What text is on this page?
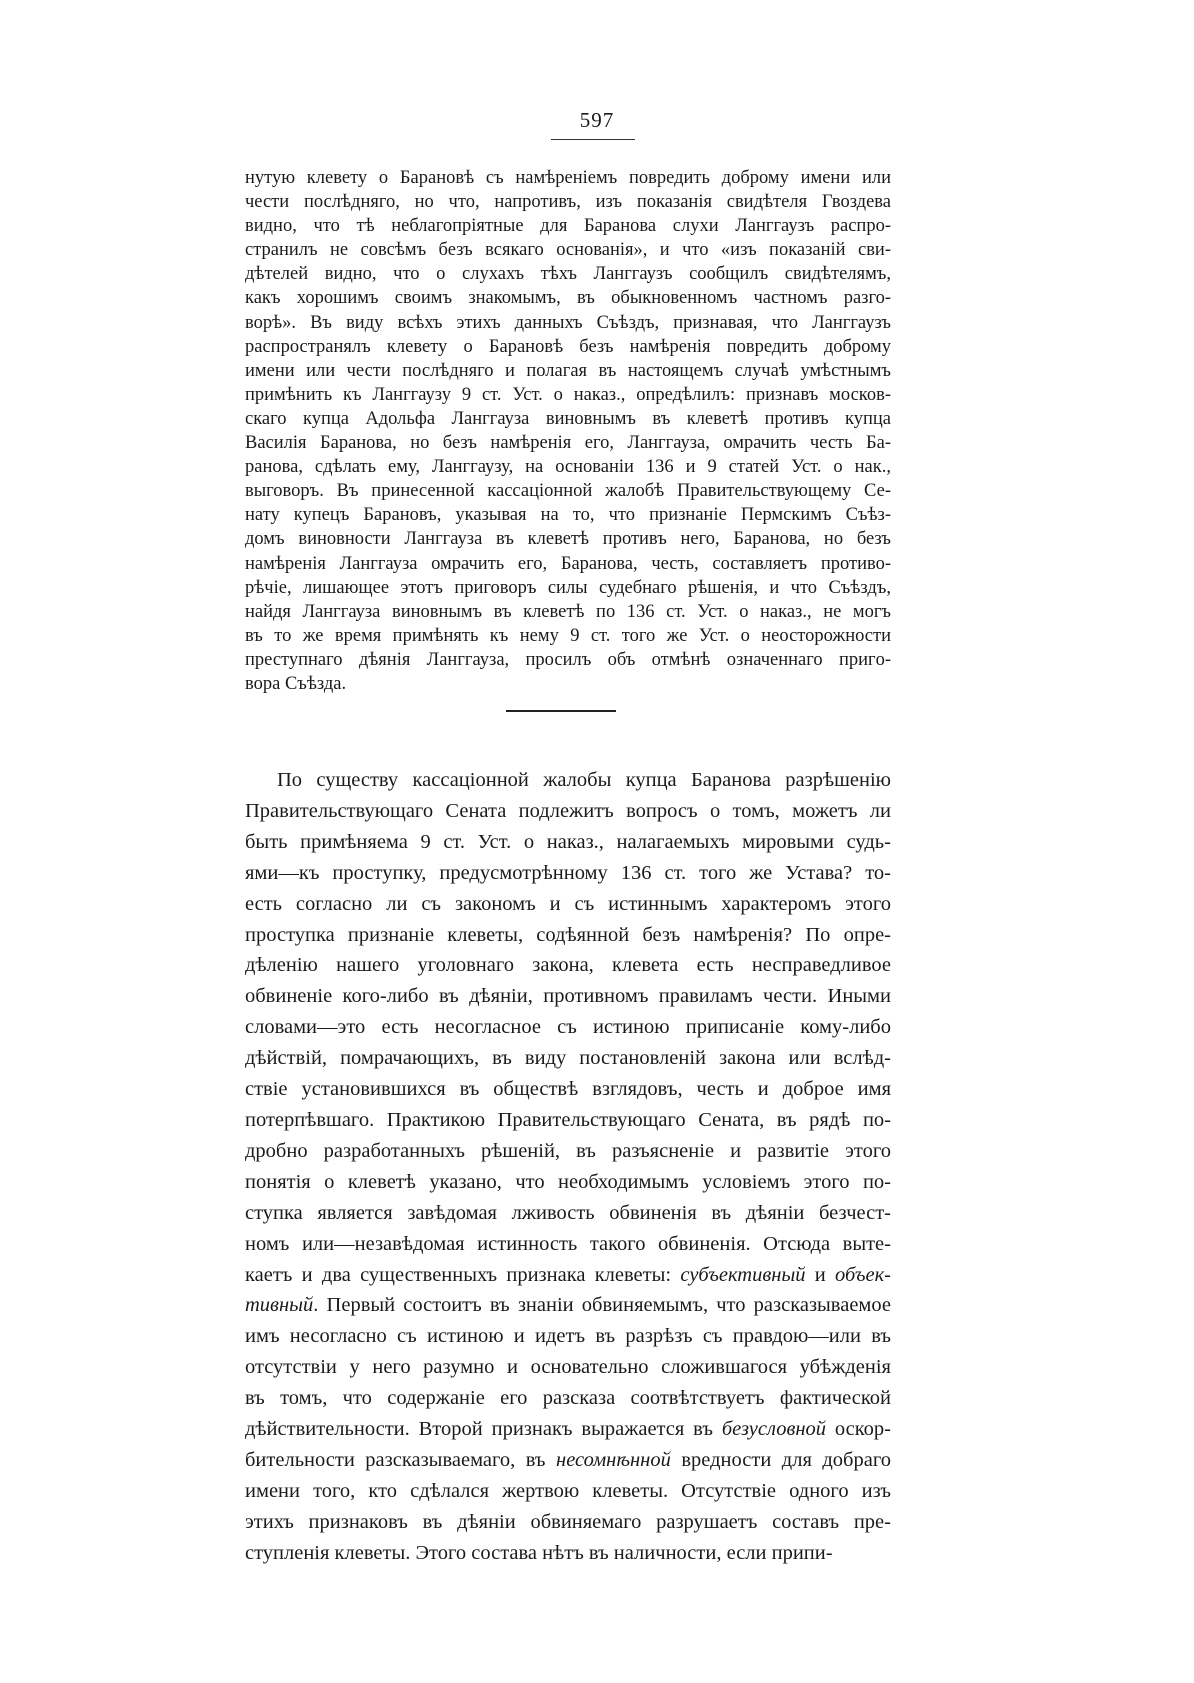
597
нутую клевету о Барановѣ съ намѣреніемъ повредить доброму имени или
чести послѣдняго, но что, напротивъ, изъ показанія свидѣтеля Гвоздева
видно, что тѣ неблагопріятные для Баранова слухи Ланггаузъ распро-
странилъ не совсѣмъ безъ всякаго основанія», и что «изъ показаній сви-
дѣтелей видно, что о слухахъ тѣхъ Ланггаузъ сообщилъ свидѣтелямъ,
какъ хорошимъ своимъ знакомымъ, въ обыкновенномъ частномъ разго-
ворѣ». Въ виду всѣхъ этихъ данныхъ Съѣздъ, признавая, что Ланггаузъ
распространялъ клевету о Барановѣ безъ намѣренія повредить доброму
имени или чести послѣдняго и полагая въ настоящемъ случаѣ умѣстнымъ
примѣнить къ Ланггаузу 9 ст. Уст. о наказ., опредѣлилъ: признавъ москов-
скаго купца Адольфа Ланггауза виновнымъ въ клеветѣ противъ купца
Василія Баранова, но безъ намѣренія его, Ланггауза, омрачить честь Ба-
ранова, сдѣлать ему, Ланггаузу, на основаніи 136 и 9 статей Уст. о нак.,
выговоръ. Въ принесенной кассаціонной жалобѣ Правительствующему Се-
нату купецъ Барановъ, указывая на то, что признаніе Пермскимъ Съѣз-
домъ виновности Ланггауза въ клеветѣ противъ него, Баранова, но безъ
намѣренія Ланггауза омрачить его, Баранова, честь, составляетъ противо-
рѣчіе, лишающее этотъ приговоръ силы судебнаго рѣшенія, и что Съѣздъ,
найдя Ланггауза виновнымъ въ клеветѣ по 136 ст. Уст. о наказ., не могъ
въ то же время примѣнять къ нему 9 ст. того же Уст. о неосторожности
преступнаго дѣянія Ланггауза, просилъ объ отмѣнѣ означеннаго пригo-
вора Съѣзда.
По существу кассаціонной жалобы купца Баранова разрѣшенію
Правительствующаго Сената подлежитъ вопросъ о томъ, можетъ ли
быть примѣняема 9 ст. Уст. о наказ., налагаемыхъ мировыми судь-
ями—къ проступку, предусмотрѣнному 136 ст. того же Устава? то-
есть согласно ли съ закономъ и съ истиннымъ характеромъ этого
проступка признаніе клеветы, содѣянной безъ намѣренія? По опре-
дѣленію нашего уголовнаго закона, клевета есть несправедливое
обвиненіе кого-либо въ дѣяніи, противномъ правиламъ чести. Иными
словами—это есть несогласное съ истиною приписаніе кому-либо
дѣйствій, помрачающихъ, въ виду постановленій закона или вслѣд-
ствіе установившихся въ обществѣ взглядовъ, честь и доброе имя
потерпѣвшаго. Практикою Правительствующаго Сената, въ рядѣ по-
дробно разработанныхъ рѣшеній, въ разъясненіе и развитіе этого
понятія о клеветѣ указано, что необходимымъ условіемъ этого по-
ступка является завѣдомая лживость обвиненія въ дѣяніи безчест-
номъ или—незавѣдомая истинность такого обвиненія. Отсюда выте-
каетъ и два существенныхъ признака клеветы: субъективный и объек-
тивный. Первый состоитъ въ знаніи обвиняемымъ, что разсказываемое
имъ несогласно съ истиною и идетъ въ разрѣзъ съ правдою—или въ
отсутствіи у него разумно и основательно сложившагося убѣжденія
въ томъ, что содержаніе его разсказа соотвѣтствуетъ фактической
дѣйствительности. Второй признакъ выражается въ безусловной оскор-
бительности разсказываемаго, въ несомнѣнной вредности для добраго
имени того, кто сдѣлался жертвою клеветы. Отсутствіе одного изъ
этихъ признаковъ въ дѣяніи обвиняемаго разрушаетъ составъ пре-
ступленія клеветы. Этого состава нѣтъ въ наличности, если припи-
